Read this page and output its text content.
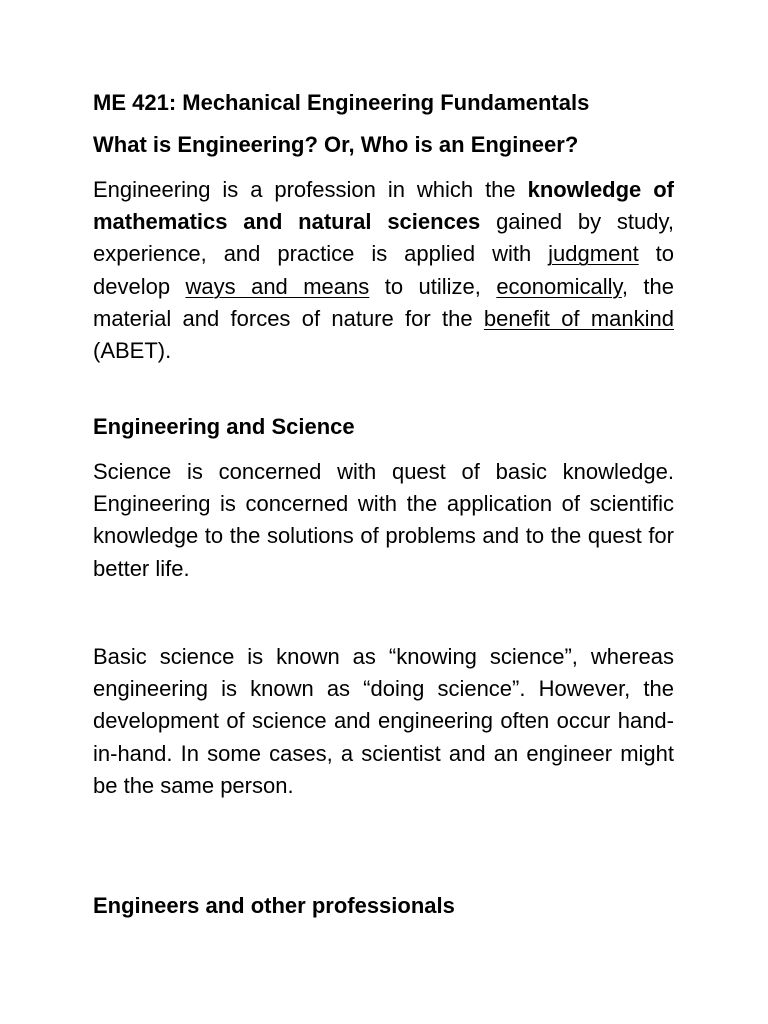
ME 421: Mechanical Engineering Fundamentals
What is Engineering? Or, Who is an Engineer?

Engineering is a profession in which the knowledge of mathematics and natural sciences gained by study, experience, and practice is applied with judgment to develop ways and means to utilize, economically, the material and forces of nature for the benefit of mankind (ABET).

Engineering and Science

Science is concerned with quest of basic knowledge. Engineering is concerned with the application of scientific knowledge to the solutions of problems and to the quest for better life.

Basic science is known as “knowing science”, whereas engineering is known as “doing science”. However, the development of science and engineering often occur hand-in-hand. In some cases, a scientist and an engineer might be the same person.

Engineers and other professionals
